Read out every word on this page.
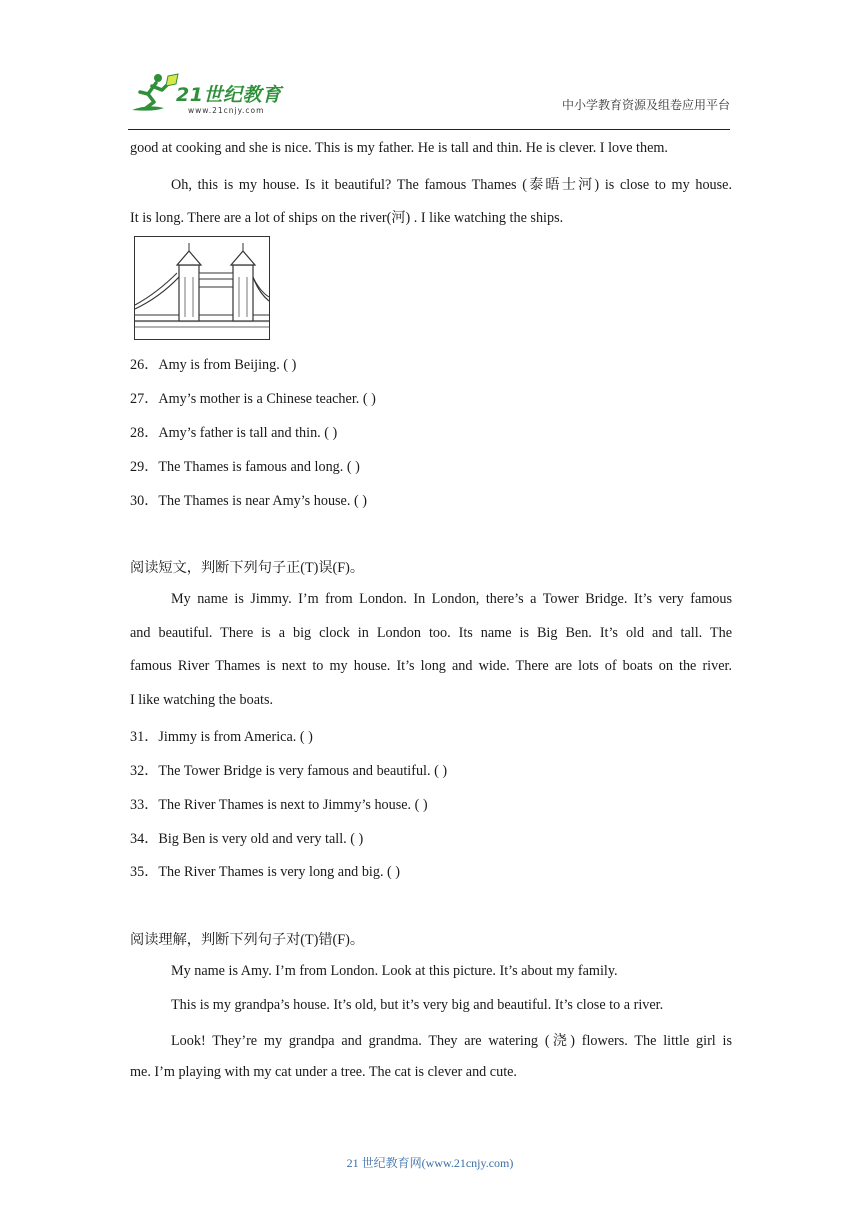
21世纪教育
www.21cnjy.com	中小学教育资源及组卷应用平台
good at cooking and she is nice. This is my father. He is tall and thin. He is clever. I love them.
Oh, this is my house. Is it beautiful? The famous Thames (泰晤士河) is close to my house.
It is long. There are a lot of ships on the river(河) . I like watching the ships.
26．Amy is from Beijing. ( )
27．Amy’s mother is a Chinese teacher. ( )
28．Amy’s father is tall and thin. ( )
29．The Thames is famous and long. ( )
30．The Thames is near Amy’s house. ( )
阅读短文，判断下列句子正(T)误(F)。
My name is Jimmy. I’m from London. In London, there’s a Tower Bridge. It’s very famous
and beautiful. There is a big clock in London too. Its name is Big Ben. It’s old and tall. The
famous River Thames is next to my house. It’s long and wide. There are lots of boats on the river.
I like watching the boats.
31．Jimmy is from America. ( )
32．The Tower Bridge is very famous and beautiful. ( )
33．The River Thames is next to Jimmy’s house. ( )
34．Big Ben is very old and very tall. ( )
35．The River Thames is very long and big. ( )
阅读理解，判断下列句子对(T)错(F)。
My name is Amy. I’m from London. Look at this picture. It’s about my family.
This is my grandpa’s house. It’s old, but it’s very big and beautiful. It’s close to a river.
Look! They’re my grandpa and grandma. They are watering (浇) flowers. The little girl is
me. I’m playing with my cat under a tree. The cat is clever and cute.
21 世纪教育网(www.21cnjy.com)
